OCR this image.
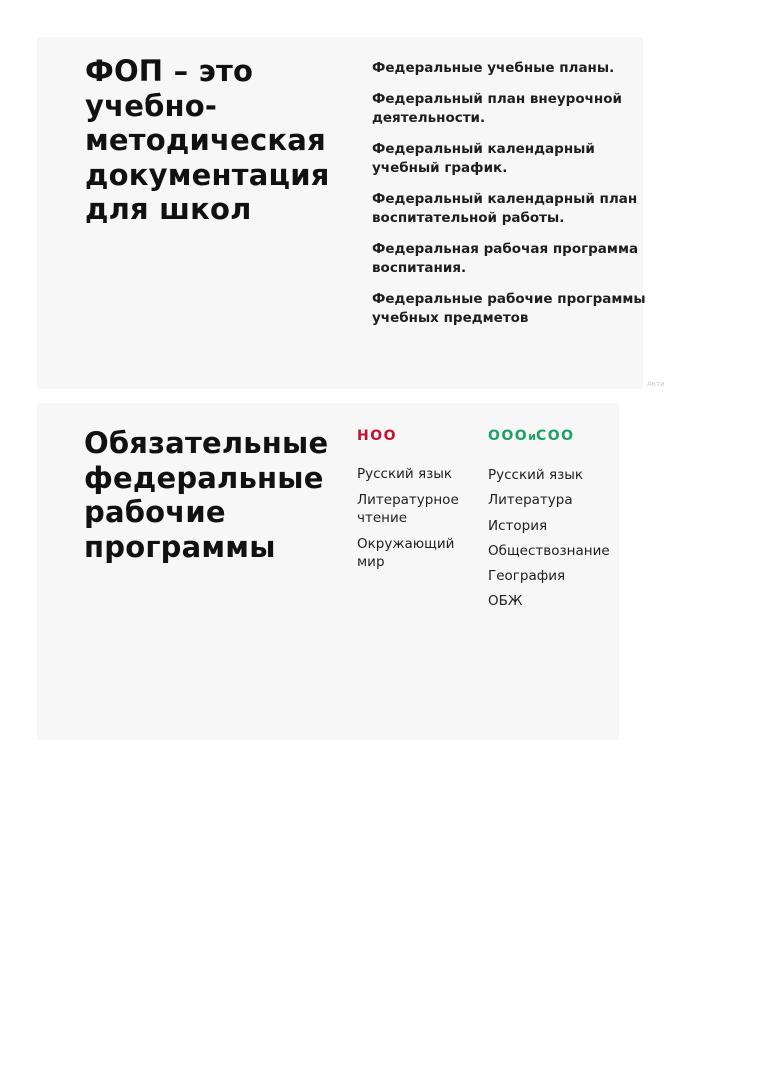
ФОП – это
учебно-
методическая
документация
для школ
Федеральные учебные планы.
Федеральный план внеурочной
деятельности.
Федеральный календарный
учебный график.
Федеральный календарный план
воспитательной работы.
Федеральная рабочая программа
воспитания.
Федеральные рабочие программы
учебных предметов
Акти
Обязательные
федеральные
рабочие
программы
НОО
Русский язык
Литературное
чтение
Окружающий
мир
ОООиСОО
Русский язык
Литература
История
Обществознание
География
ОБЖ
